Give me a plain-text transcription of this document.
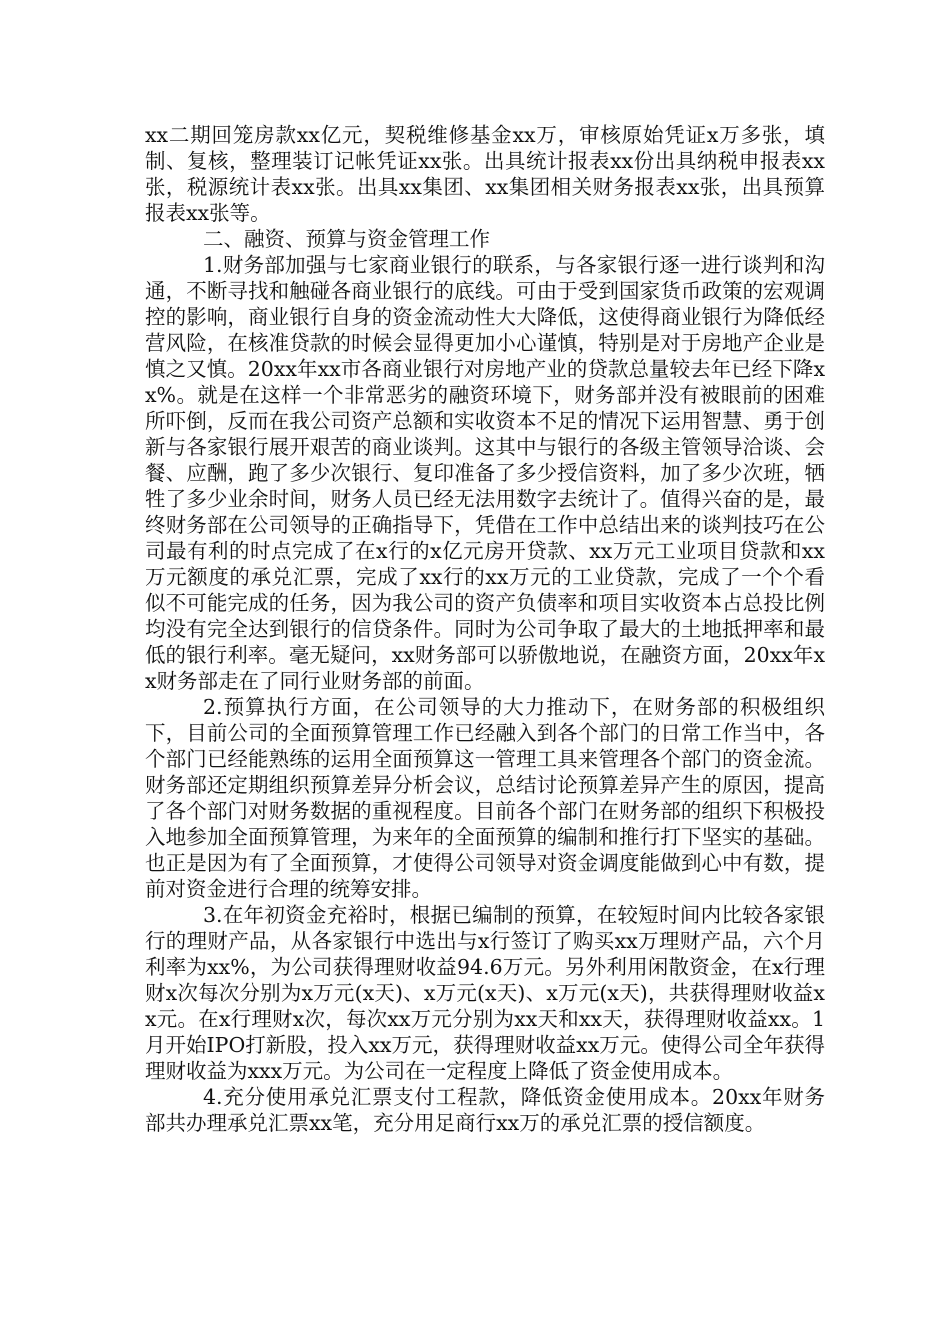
xx二期回笼房款xx亿元，契税维修基金xx万，审核原始凭证x万多张，填制、复核，整理装订记帐凭证xx张。出具统计报表xx份出具纳税申报表xx张，税源统计表xx张。出具xx集团、xx集团相关财务报表xx张，出具预算报表xx张等。

二、融资、预算与资金管理工作

1.财务部加强与七家商业银行的联系，与各家银行逐一进行谈判和沟通，不断寻找和触碰各商业银行的底线。可由于受到国家货币政策的宏观调控的影响，商业银行自身的资金流动性大大降低，这使得商业银行为降低经营风险，在核准贷款的时候会显得更加小心谨慎，特别是对于房地产企业是慎之又慎。20xx年xx市各商业银行对房地产业的贷款总量较去年已经下降xx%。就是在这样一个非常恶劣的融资环境下，财务部并没有被眼前的困难所吓倒，反而在我公司资产总额和实收资本不足的情况下运用智慧、勇于创新与各家银行展开艰苦的商业谈判。这其中与银行的各级主管领导洽谈、会餐、应酬，跑了多少次银行、复印准备了多少授信资料，加了多少次班，牺牲了多少业余时间，财务人员已经无法用数字去统计了。值得兴奋的是，最终财务部在公司领导的正确指导下，凭借在工作中总结出来的谈判技巧在公司最有利的时点完成了在x行的x亿元房开贷款、xx万元工业项目贷款和xx万元额度的承兑汇票，完成了xx行的xx万元的工业贷款，完成了一个个看似不可能完成的任务，因为我公司的资产负债率和项目实收资本占总投比例均没有完全达到银行的信贷条件。同时为公司争取了最大的土地抵押率和最低的银行利率。毫无疑问，xx财务部可以骄傲地说，在融资方面，20xx年xx财务部走在了同行业财务部的前面。

2.预算执行方面，在公司领导的大力推动下，在财务部的积极组织下，目前公司的全面预算管理工作已经融入到各个部门的日常工作当中，各个部门已经能熟练的运用全面预算这一管理工具来管理各个部门的资金流。财务部还定期组织预算差异分析会议，总结讨论预算差异产生的原因，提高了各个部门对财务数据的重视程度。目前各个部门在财务部的组织下积极投入地参加全面预算管理，为来年的全面预算的编制和推行打下坚实的基础。也正是因为有了全面预算，才使得公司领导对资金调度能做到心中有数，提前对资金进行合理的统筹安排。

3.在年初资金充裕时，根据已编制的预算，在较短时间内比较各家银行的理财产品，从各家银行中选出与x行签订了购买xx万理财产品，六个月利率为xx%，为公司获得理财收益94.6万元。另外利用闲散资金，在x行理财x次每次分别为x万元(x天)、x万元(x天)、x万元(x天)，共获得理财收益xx元。在x行理财x次，每次xx万元分别为xx天和xx天，获得理财收益xx。1月开始IPO打新股，投入xx万元，获得理财收益xx万元。使得公司全年获得理财收益为xxx万元。为公司在一定程度上降低了资金使用成本。

4.充分使用承兑汇票支付工程款，降低资金使用成本。20xx年财务部共办理承兑汇票xx笔，充分用足商行xx万的承兑汇票的授信额度。
